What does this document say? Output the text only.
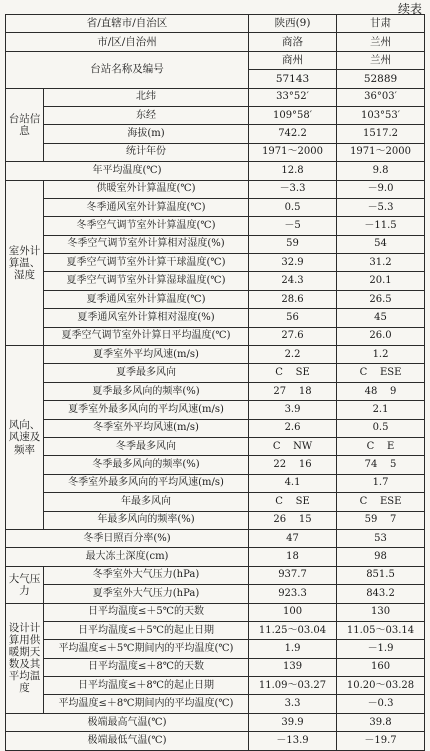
续表
省/直辖市/自治区		陕西(9)	甘肃
市/区/自治州		商洛	兰州
台站名称及编号		商州	兰州
		57143	52889
台站信息	北纬	33°52′	36°03′
	东经	109°58′	103°53′
	海拔(m)	742.2	1517.2
	统计年份	1971～2000	1971～2000
年平均温度(℃)		12.8	9.8
室外计算温、湿度	供暖室外计算温度(℃)	－3.3	－9.0
	冬季通风室外计算温度(℃)	0.5	－5.3
	冬季空气调节室外计算温度(℃)	－5	－11.5
	冬季空气调节室外计算相对湿度(%)	59	54
	夏季空气调节室外计算干球温度(℃)	32.9	31.2
	夏季空气调节室外计算湿球温度(℃)	24.3	20.1
	夏季通风室外计算温度(℃)	28.6	26.5
	夏季通风室外计算相对湿度(%)	56	45
	夏季空气调节室外计算日平均温度(℃)	27.6	26.0
风向、风速及频率	夏季室外平均风速(m/s)	2.2	1.2
	夏季最多风向	C    SE	C    ESE
	夏季最多风向的频率(%)	27    18	48    9
	夏季室外最多风向的平均风速(m/s)	3.9	2.1
	冬季室外平均风速(m/s)	2.6	0.5
	冬季最多风向	C    NW	C    E
	冬季最多风向的频率(%)	22    16	74    5
	冬季室外最多风向的平均风速(m/s)	4.1	1.7
	年最多风向	C    SE	C    ESE
	年最多风向的频率(%)	26    15	59    7
冬季日照百分率(%)		47	53
最大冻土深度(cm)		18	98
大气压力	冬季室外大气压力(hPa)	937.7	851.5
	夏季室外大气压力(hPa)	923.3	843.2
设计计算用供暖期天数及其平均温度	日平均温度≤＋5℃的天数	100	130
	日平均温度≤＋5℃的起止日期	11.25～03.04	11.05～03.14
	平均温度≤＋5℃期间内的平均温度(℃)	1.9	－1.9
	日平均温度≤＋8℃的天数	139	160
	日平均温度≤＋8℃的起止日期	11.09～03.27	10.20～03.28
	平均温度≤＋8℃期间内的平均温度(℃)	3.3	－0.3
极端最高气温(℃)		39.9	39.8
极端最低气温(℃)		－13.9	－19.7
